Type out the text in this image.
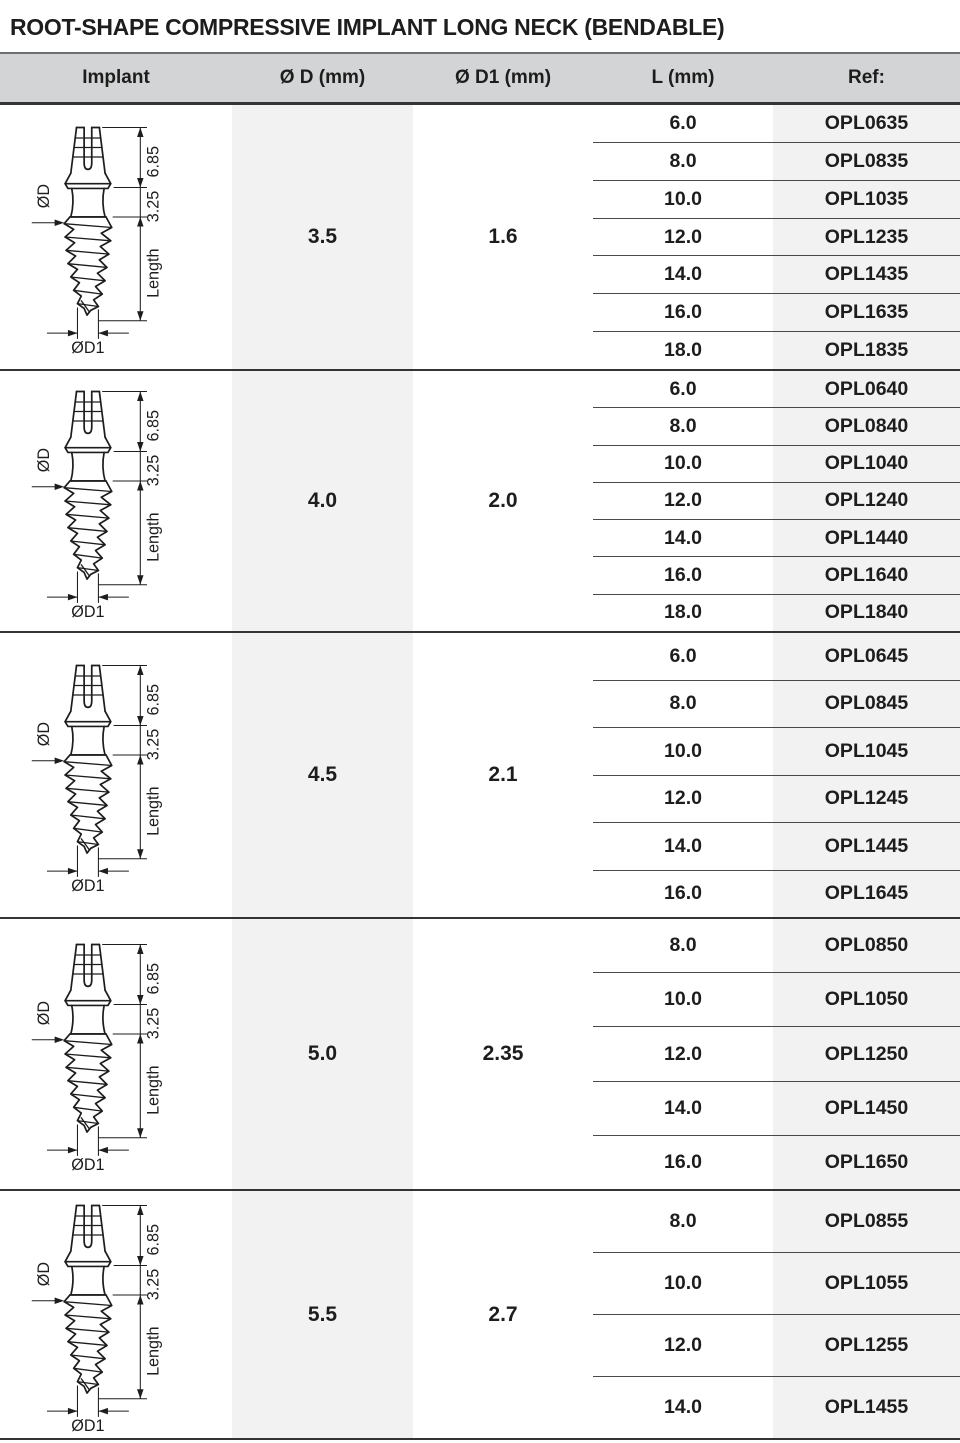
ROOT-SHAPE COMPRESSIVE IMPLANT LONG NECK (BENDABLE)
Implant	Ø D (mm)	Ø D1 (mm)	L (mm)	Ref:
6.85
3.25
Length
ØD
ØD1
3.5	1.6
6.0	OPL0635
8.0	OPL0835
10.0	OPL1035
12.0	OPL1235
14.0	OPL1435
16.0	OPL1635
18.0	OPL1835
6.85
3.25
Length
ØD
ØD1
4.0	2.0
6.0	OPL0640
8.0	OPL0840
10.0	OPL1040
12.0	OPL1240
14.0	OPL1440
16.0	OPL1640
18.0	OPL1840
6.85
3.25
Length
ØD
ØD1
4.5	2.1
6.0	OPL0645
8.0	OPL0845
10.0	OPL1045
12.0	OPL1245
14.0	OPL1445
16.0	OPL1645
6.85
3.25
Length
ØD
ØD1
5.0	2.35
8.0	OPL0850
10.0	OPL1050
12.0	OPL1250
14.0	OPL1450
16.0	OPL1650
6.85
3.25
Length
ØD
ØD1
5.5	2.7
8.0	OPL0855
10.0	OPL1055
12.0	OPL1255
14.0	OPL1455
